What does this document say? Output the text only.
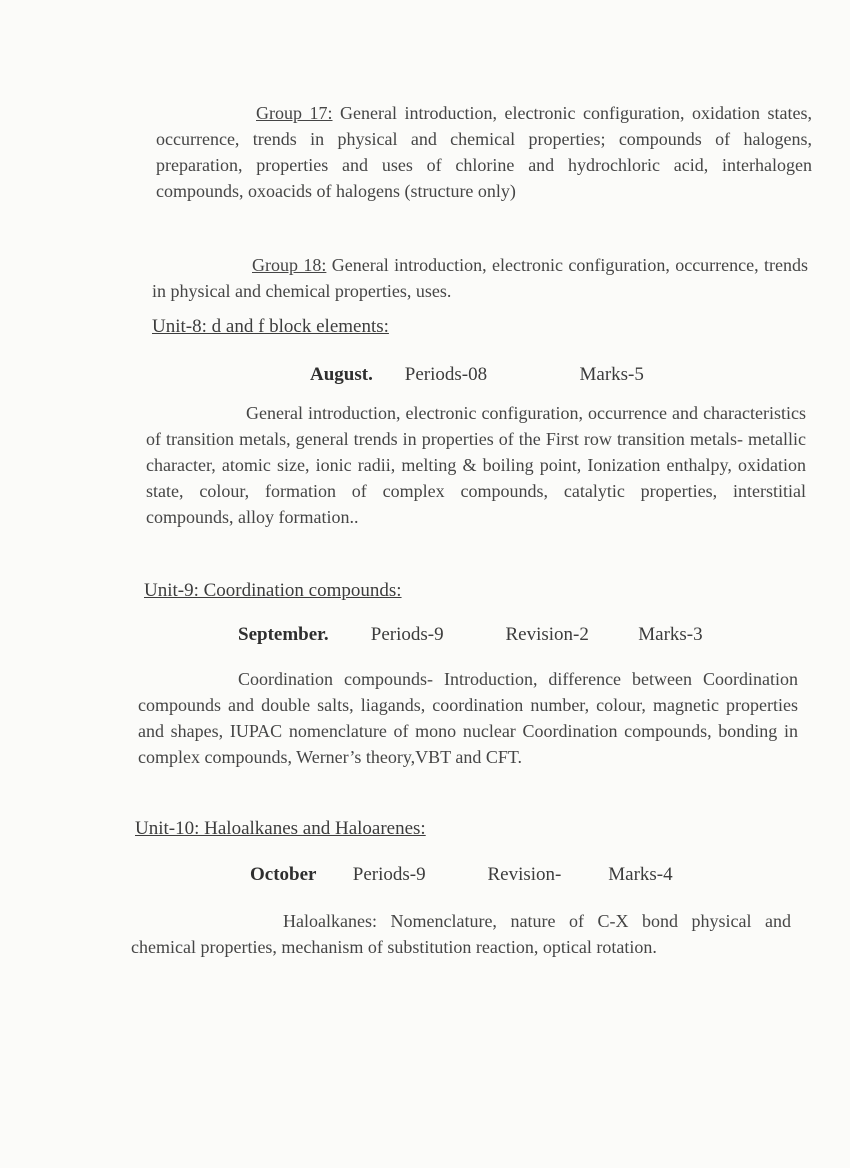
Group 17: General introduction, electronic configuration, oxidation states, occurrence, trends in physical and chemical properties; compounds of halogens, preparation, properties and uses of chlorine and hydrochloric acid, interhalogen compounds, oxoacids of halogens (structure only)

Group 18: General introduction, electronic configuration, occurrence, trends in physical and chemical properties, uses.

Unit-8: d and f block elements:
August. Periods-08	Marks-5

General introduction, electronic configuration, occurrence and characteristics of transition metals, general trends in properties of the First row transition metals- metallic character, atomic size, ionic radii, melting & boiling point, Ionization enthalpy, oxidation state, colour, formation of complex compounds, catalytic properties, interstitial compounds, alloy formation..

Unit-9: Coordination compounds:
September. Periods-9	Revision-2	Marks-3

Coordination compounds- Introduction, difference between Coordination compounds and double salts, liagands, coordination number, colour, magnetic properties and shapes, IUPAC nomenclature of mono nuclear Coordination compounds, bonding in complex compounds, Werner’s theory,VBT and CFT.

Unit-10: Haloalkanes and Haloarenes:
October Periods-9	Revision- Marks-4

Haloalkanes: Nomenclature, nature of C-X bond physical and chemical properties, mechanism of substitution reaction, optical rotation.
